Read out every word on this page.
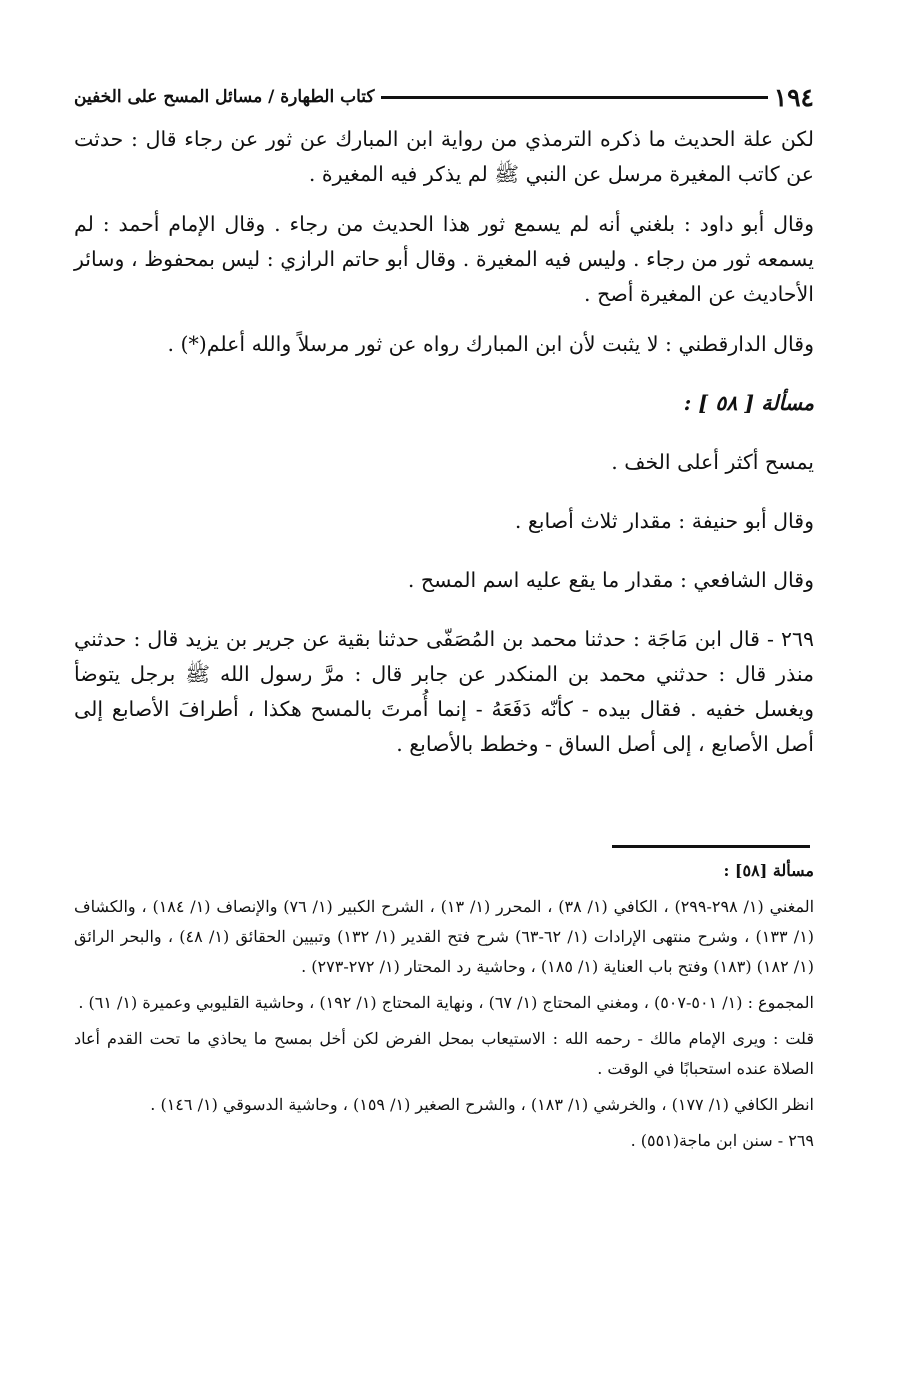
١٩٤
كتاب الطهارة / مسائل المسح على الخفين

لكن علة الحديث ما ذكره الترمذي من رواية ابن المبارك عن ثور عن رجاء قال : حدثت عن كاتب المغيرة مرسل عن النبي ﷺ لم يذكر فيه المغيرة .

وقال أبو داود : بلغني أنه لم يسمع ثور هذا الحديث من رجاء . وقال الإمام أحمد : لم يسمعه ثور من رجاء . وليس فيه المغيرة . وقال أبو حاتم الرازي : ليس بمحفوظ ، وسائر الأحاديث عن المغيرة أصح .

وقال الدارقطني : لا يثبت لأن ابن المبارك رواه عن ثور مرسلاً والله أعلم(*) .

مسألة [ ٥٨ ] :

يمسح أكثر أعلى الخف .

وقال أبو حنيفة : مقدار ثلاث أصابع .

وقال الشافعي : مقدار ما يقع عليه اسم المسح .

٢٦٩ - قال ابن مَاجَة : حدثنا محمد بن المُصَفّى حدثنا بقية عن جرير بن يزيد قال : حدثني منذر قال : حدثني محمد بن المنكدر عن جابر قال : مرَّ رسول الله ﷺ برجل يتوضأ ويغسل خفيه . فقال بيده - كأنّه دَفَعَهُ - إنما أُمرتَ بالمسح هكذا ، أطرافَ الأصابع إلى أصل الأصابع ، إلى أصل الساق - وخطط بالأصابع .

مسألة [٥٨] :

المغني (١/ ٢٩٨-٢٩٩) ، الكافي (١/ ٣٨) ، المحرر (١/ ١٣) ، الشرح الكبير (١/ ٧٦) والإنصاف (١/ ١٨٤) ، والكشاف (١/ ١٣٣) ، وشرح منتهى الإرادات (١/ ٦٢-٦٣) شرح فتح القدير (١/ ١٣٢) وتبيين الحقائق (١/ ٤٨) ، والبحر الرائق (١/ ١٨٢) (١٨٣) وفتح باب العناية (١/ ١٨٥) ، وحاشية رد المحتار (١/ ٢٧٢-٢٧٣) .

المجموع : (١/ ٥٠١-٥٠٧) ، ومغني المحتاج (١/ ٦٧) ، ونهاية المحتاج (١/ ١٩٢) ، وحاشية القليوبي وعميرة (١/ ٦١) .

قلت : ويرى الإمام مالك - رحمه الله : الاستيعاب بمحل الفرض لكن أخل بمسح ما يحاذي ما تحت القدم أعاد الصلاة عنده استحبابًا في الوقت .

انظر الكافي (١/ ١٧٧) ، والخرشي (١/ ١٨٣) ، والشرح الصغير (١/ ١٥٩) ، وحاشية الدسوقي (١/ ١٤٦) .

٢٦٩ - سنن ابن ماجة(٥٥١) .
